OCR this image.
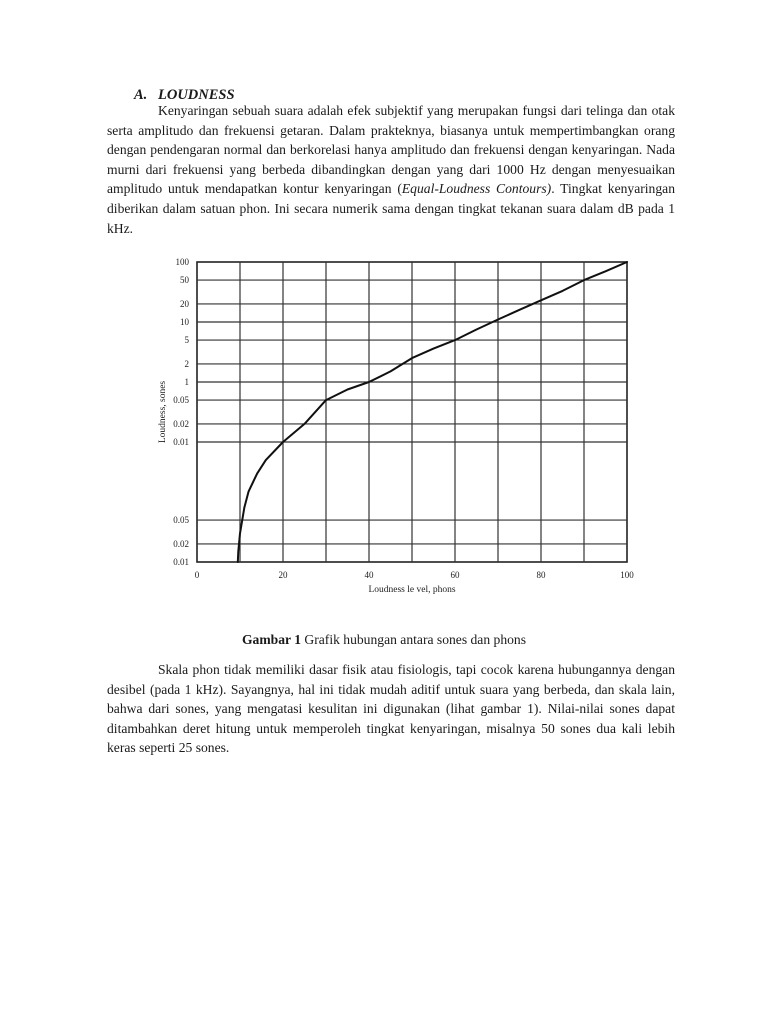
A. LOUDNESS

Kenyaringan sebuah suara adalah efek subjektif yang merupakan fungsi dari telinga dan otak serta amplitudo dan frekuensi getaran. Dalam prakteknya, biasanya untuk mempertimbangkan orang dengan pendengaran normal dan berkorelasi hanya amplitudo dan frekuensi dengan kenyaringan. Nada murni dari frekuensi yang berbeda dibandingkan dengan yang dari 1000 Hz dengan menyesuaikan amplitudo untuk mendapatkan kontur kenyaringan (Equal-Loudness Contours). Tingkat kenyaringan diberikan dalam satuan phon. Ini secara numerik sama dengan tingkat tekanan suara dalam dB pada 1 kHz.

0	20	40	60	80	100
100
50
20
10
5
2
1
0.05
0.02
0.01
0.05
0.02
0.01
Loudness le vel, phons
Loudness, sones
Gambar 1 Grafik hubungan antara sones dan phons

Skala phon tidak memiliki dasar fisik atau fisiologis, tapi cocok karena hubungannya dengan desibel (pada 1 kHz). Sayangnya, hal ini tidak mudah aditif untuk suara yang berbeda, dan skala lain, bahwa dari sones, yang mengatasi kesulitan ini digunakan (lihat gambar 1). Nilai-nilai sones dapat ditambahkan deret hitung untuk memperoleh tingkat kenyaringan, misalnya 50 sones dua kali lebih keras seperti 25 sones.
